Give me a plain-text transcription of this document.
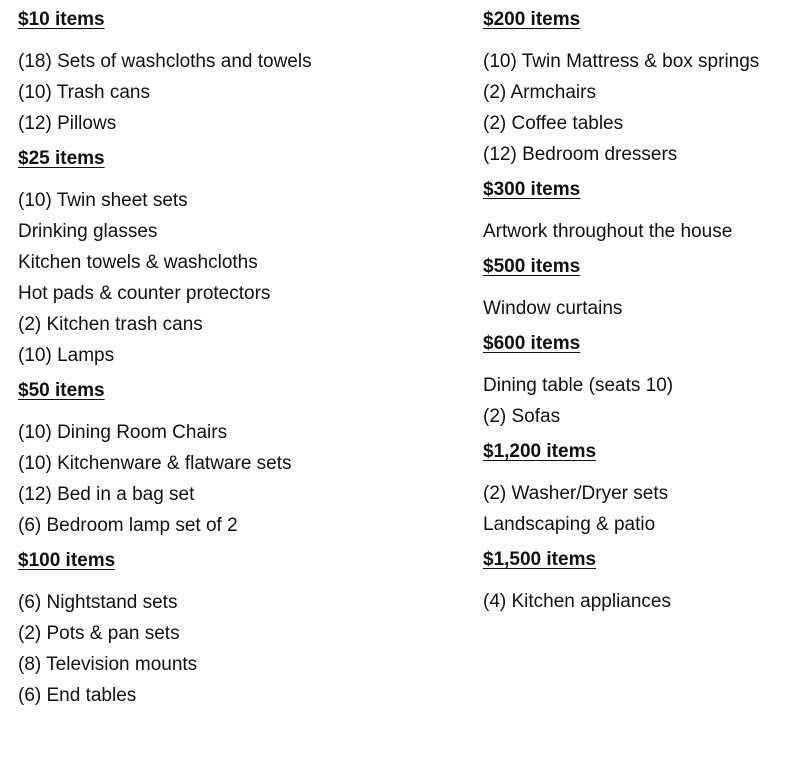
$10 items
(18) Sets of washcloths and towels
(10) Trash cans
(12) Pillows
$25 items
(10) Twin sheet sets
Drinking glasses
Kitchen towels & washcloths
Hot pads & counter protectors
(2) Kitchen trash cans
(10) Lamps
$50 items
(10) Dining Room Chairs
(10) Kitchenware & flatware sets
(12) Bed in a bag set
(6) Bedroom lamp set of 2
$100 items
(6) Nightstand sets
(2) Pots & pan sets
(8) Television mounts
(6) End tables
$200 items
(10) Twin Mattress & box springs
(2) Armchairs
(2) Coffee tables
(12) Bedroom dressers
$300 items
Artwork throughout the house
$500 items
Window curtains
$600 items
Dining table (seats 10)
(2) Sofas
$1,200 items
(2) Washer/Dryer sets
Landscaping & patio
$1,500 items
(4) Kitchen appliances
